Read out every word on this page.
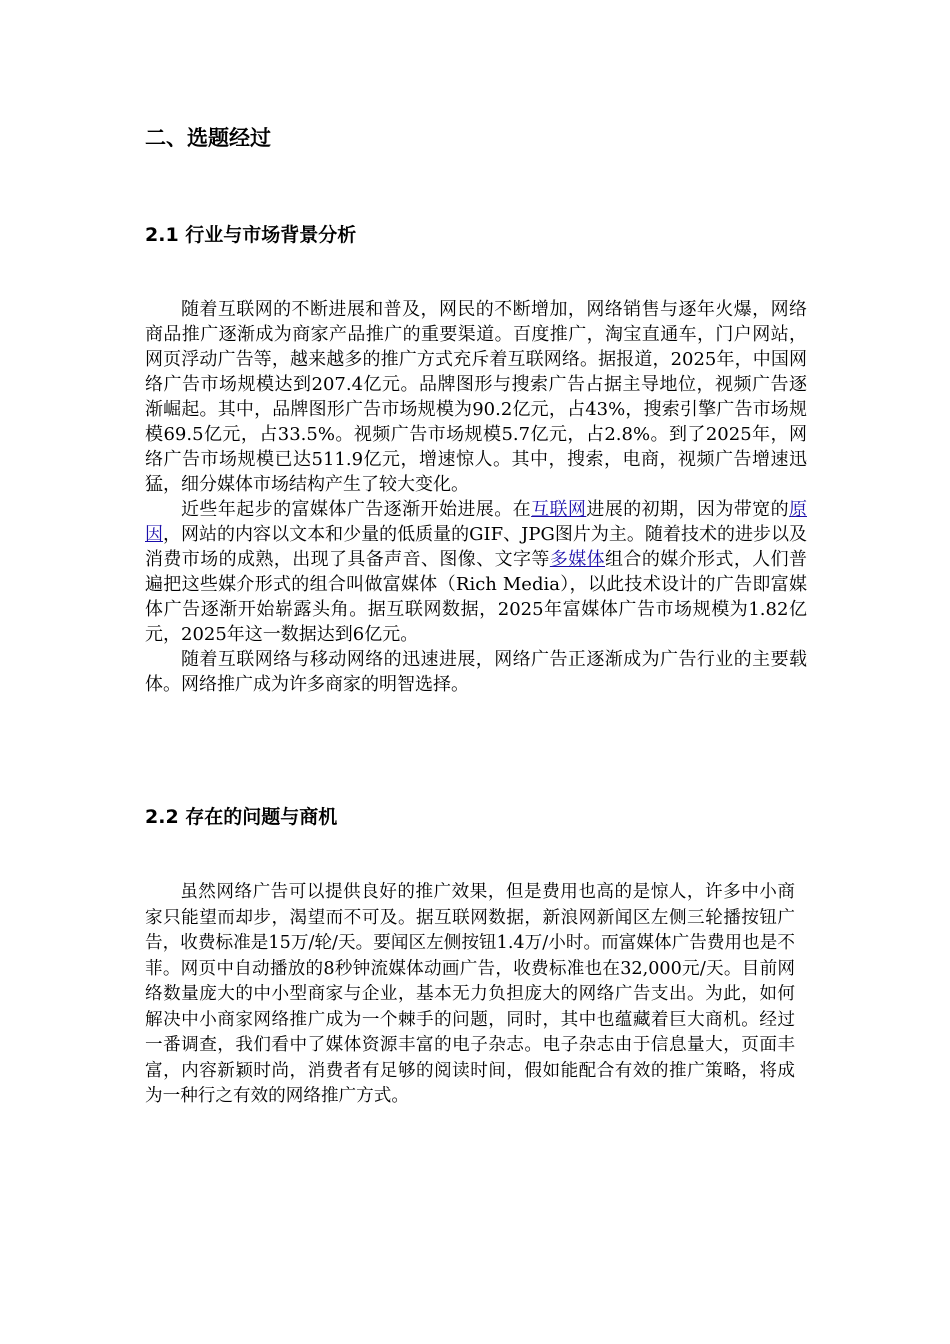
二、选题经过
2.1 行业与市场背景分析

随着互联网的不断进展和普及，网民的不断增加，网络销售与逐年火爆，网络商品推广逐渐成为商家产品推广的重要渠道。百度推广，淘宝直通车，门户网站，网页浮动广告等，越来越多的推广方式充斥着互联网络。据报道，2025年，中国网络广告市场规模达到207.4亿元。品牌图形与搜索广告占据主导地位，视频广告逐渐崛起。其中，品牌图形广告市场规模为90.2亿元，占43%，搜索引擎广告市场规模69.5亿元，占33.5%。视频广告市场规模5.7亿元，占2.8%。到了2025年，网络广告市场规模已达511.9亿元，增速惊人。其中，搜索，电商，视频广告增速迅猛，细分媒体市场结构产生了较大变化。

近些年起步的富媒体广告逐渐开始进展。在互联网进展的初期，因为带宽的原因，网站的内容以文本和少量的低质量的GIF、JPG图片为主。随着技术的进步以及消费市场的成熟，出现了具备声音、图像、文字等多媒体组合的媒介形式，人们普遍把这些媒介形式的组合叫做富媒体（Rich Media），以此技术设计的广告即富媒体广告逐渐开始崭露头角。据互联网数据，2025年富媒体广告市场规模为1.82亿元，2025年这一数据达到6亿元。

随着互联网络与移动网络的迅速进展，网络广告正逐渐成为广告行业的主要载体。网络推广成为许多商家的明智选择。

2.2 存在的问题与商机

虽然网络广告可以提供良好的推广效果，但是费用也高的是惊人，许多中小商家只能望而却步，渴望而不可及。据互联网数据，新浪网新闻区左侧三轮播按钮广告，收费标准是15万/轮/天。要闻区左侧按钮1.4万/小时。而富媒体广告费用也是不菲。网页中自动播放的8秒钟流媒体动画广告，收费标准也在32,000元/天。目前网络数量庞大的中小型商家与企业，基本无力负担庞大的网络广告支出。为此，如何解决中小商家网络推广成为一个棘手的问题，同时，其中也蕴藏着巨大商机。经过一番调查，我们看中了媒体资源丰富的电子杂志。电子杂志由于信息量大，页面丰富，内容新颖时尚，消费者有足够的阅读时间，假如能配合有效的推广策略，将成为一种行之有效的网络推广方式。
